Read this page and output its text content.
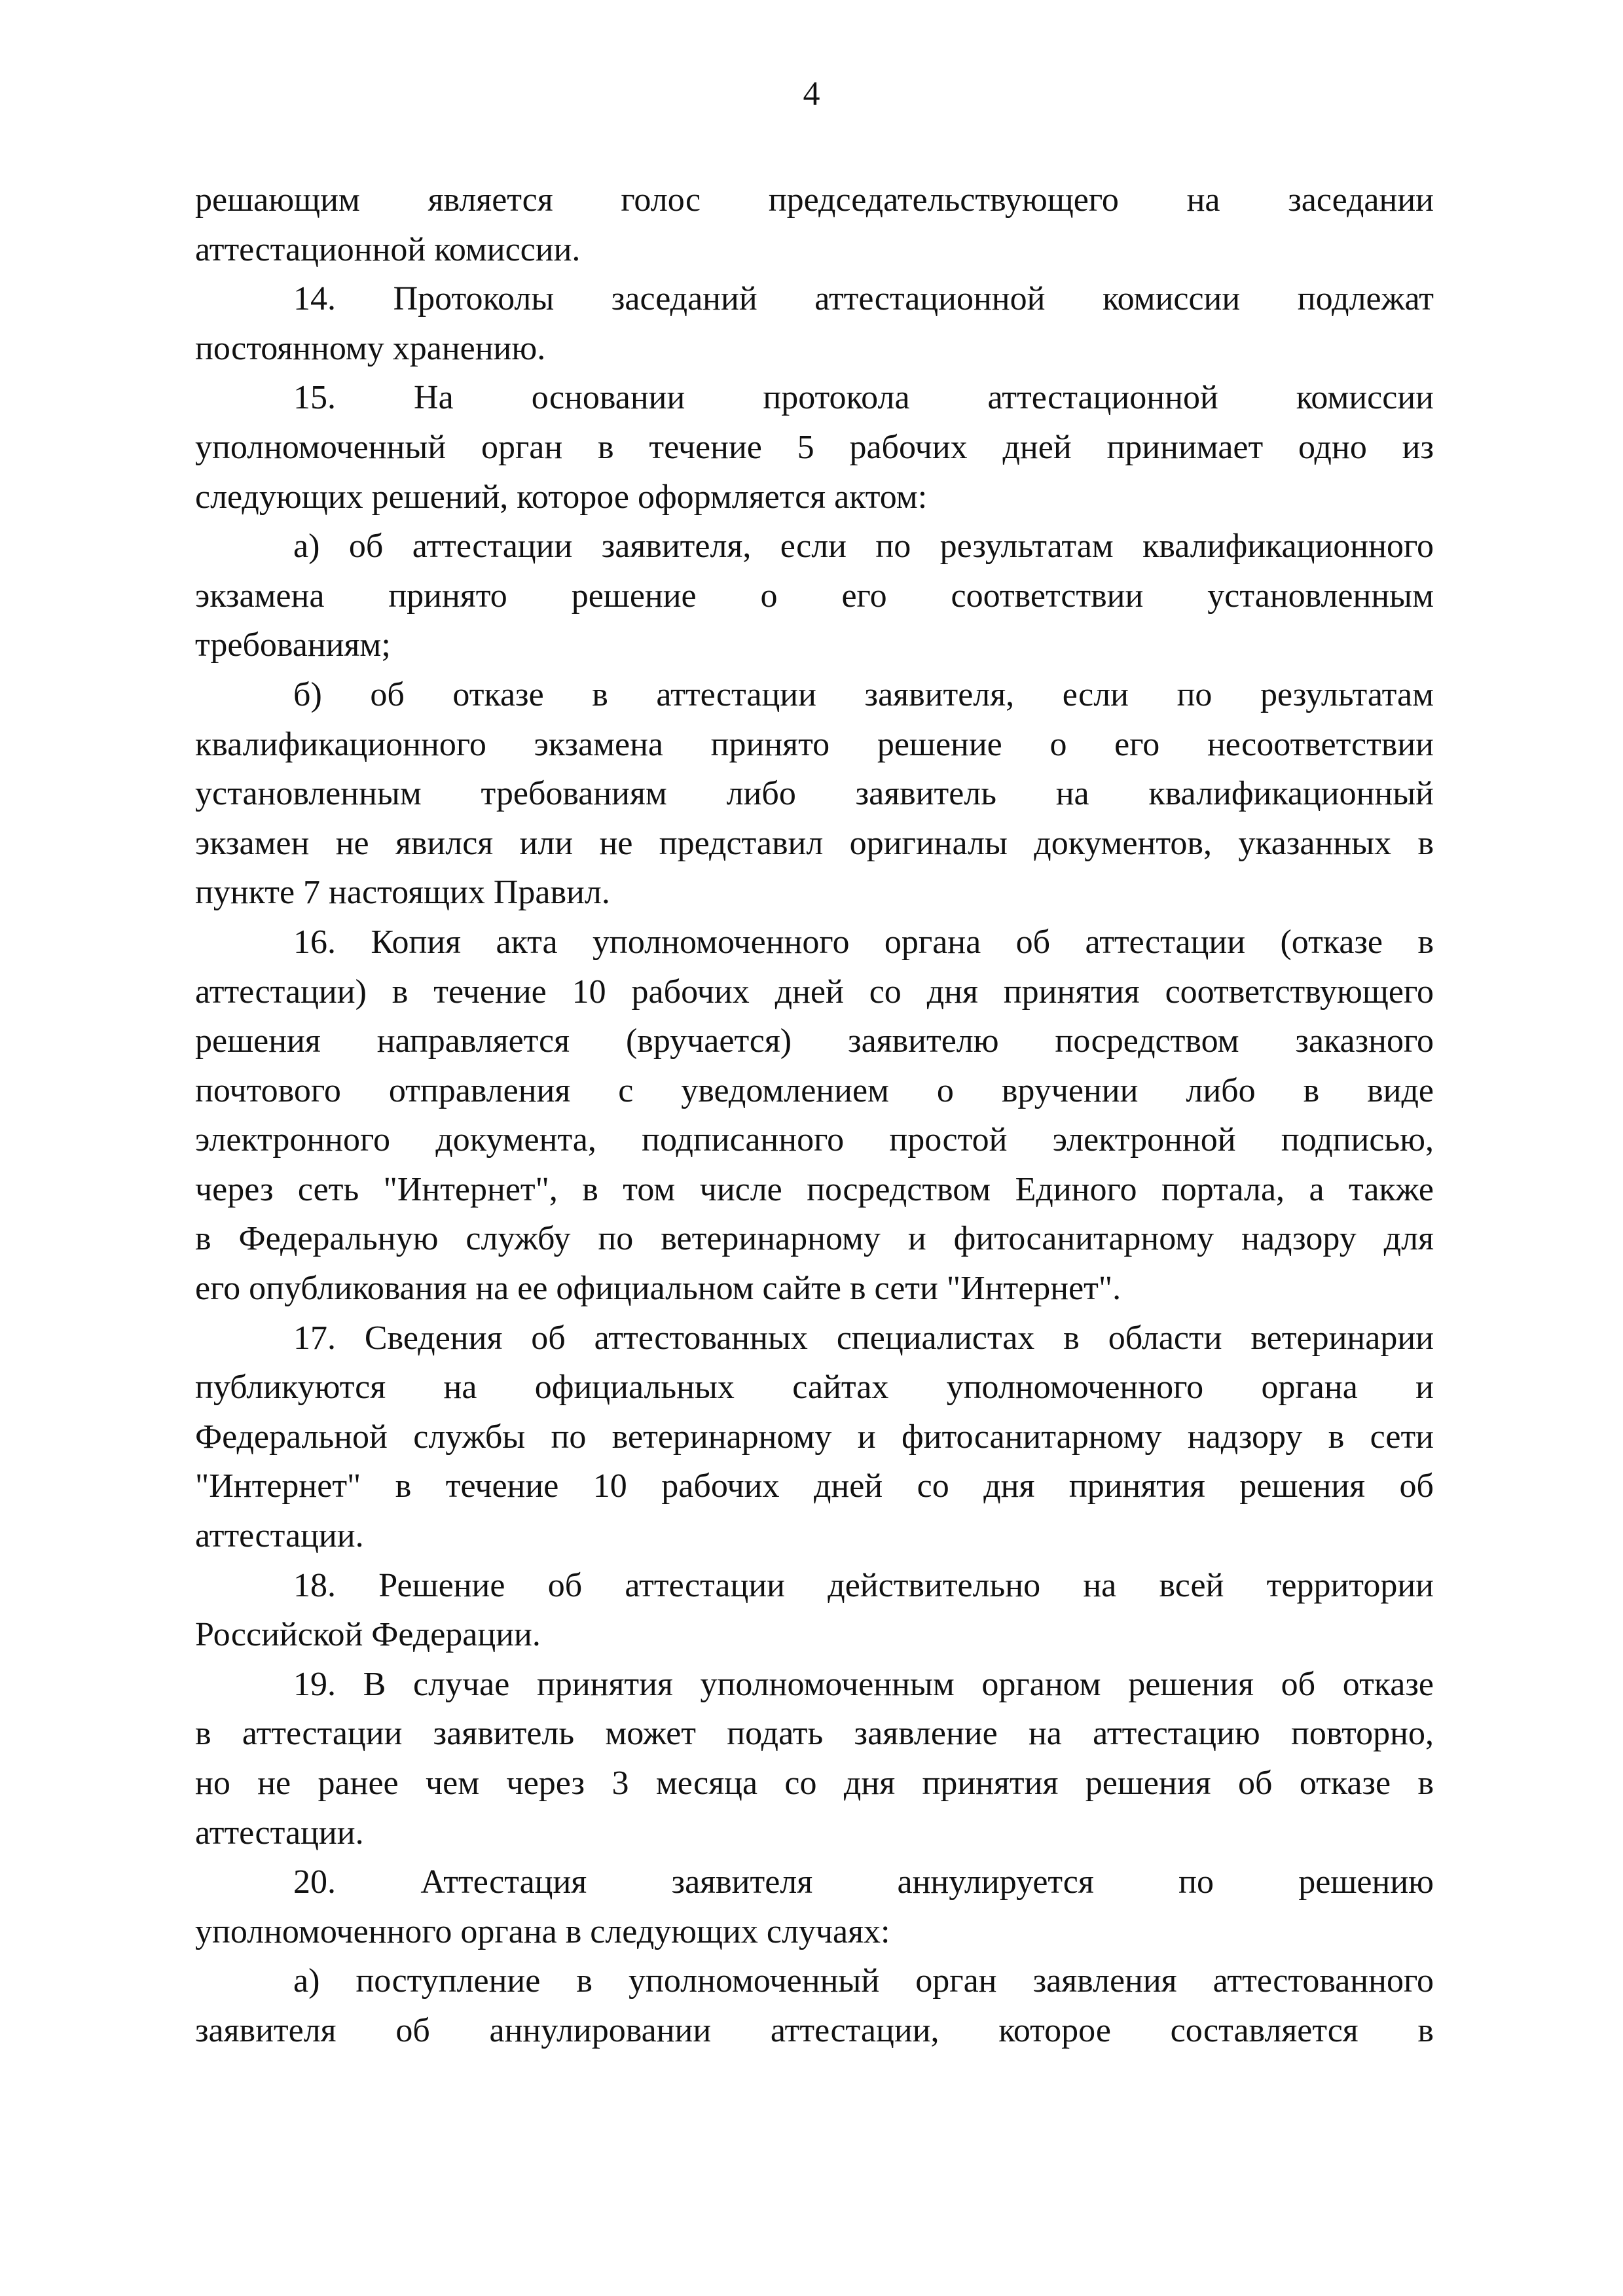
4

решающим является голос председательствующего на заседании

аттестационной комиссии.

14. Протоколы заседаний аттестационной комиссии подлежат

постоянному хранению.

15. На основании протокола аттестационной комиссии

уполномоченный орган в течение 5 рабочих дней принимает одно из

следующих решений, которое оформляется актом:

а) об аттестации заявителя, если по результатам квалификационного

экзамена принято решение о его соответствии установленным

требованиям;

б) об отказе в аттестации заявителя, если по результатам

квалификационного экзамена принято решение о его несоответствии

установленным требованиям либо заявитель на квалификационный

экзамен не явился или не представил оригиналы документов, указанных в

пункте 7 настоящих Правил.

16. Копия акта уполномоченного органа об аттестации (отказе в

аттестации) в течение 10 рабочих дней со дня принятия соответствующего

решения направляется (вручается) заявителю посредством заказного

почтового отправления с уведомлением о вручении либо в виде

электронного документа, подписанного простой электронной подписью,

через сеть "Интернет", в том числе посредством Единого портала, а также

в Федеральную службу по ветеринарному и фитосанитарному надзору для

его опубликования на ее официальном сайте в сети "Интернет".

17. Сведения об аттестованных специалистах в области ветеринарии

публикуются на официальных сайтах уполномоченного органа и

Федеральной службы по ветеринарному и фитосанитарному надзору в сети

"Интернет" в течение 10 рабочих дней со дня принятия решения об

аттестации.

18. Решение об аттестации действительно на всей территории

Российской Федерации.

19. В случае принятия уполномоченным органом решения об отказе

в аттестации заявитель может подать заявление на аттестацию повторно,

но не ранее чем через 3 месяца со дня принятия решения об отказе в

аттестации.

20. Аттестация заявителя аннулируется по решению

уполномоченного органа в следующих случаях:

а) поступление в уполномоченный орган заявления аттестованного

заявителя об аннулировании аттестации, которое составляется в
